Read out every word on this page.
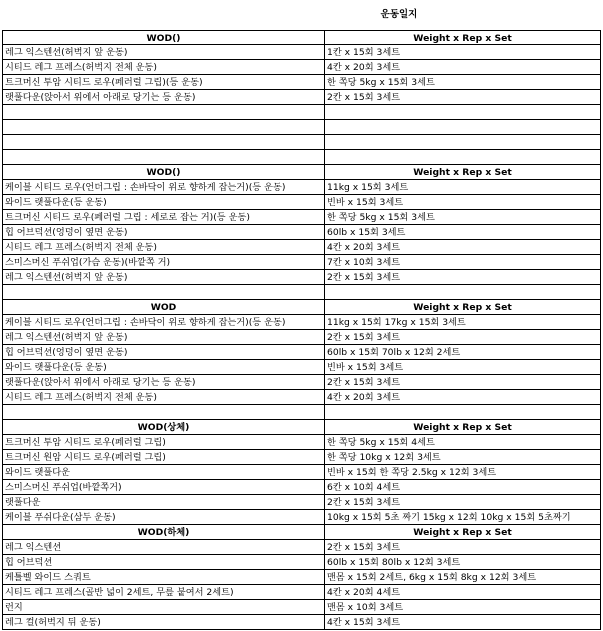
운동일지
WOD()	Weight x Rep x Set
레그 익스텐션(허벅지 앞 운동)	1칸 x 15회 3세트
시티드 레그 프레스(허벅지 전체 운동)	4칸 x 20회 3세트
트크머신 투암 시티드 로우(페러럴 그립)(등 운동)	한 쪽당 5kg x 15회 3세트
랫풀다운(앉아서 위에서 아래로 당기는 등 운동)	2칸 x 15회 3세트
WOD()	Weight x Rep x Set
케이블 시티드 로우(언더그립 : 손바닥이 위로 향하게 잡는거)(등 운동)	11kg x 15회 3세트
와이드 랫풀다운(등 운동)	빈바 x 15회 3세트
트크머신 시티드 로우(페러럴 그립 : 세로로 잡는 거)(등 운동)	한 쪽당 5kg x 15회 3세트
힙 어브덕션(엉덩이 옆면 운동)	60lb x 15회 3세트
시티드 레그 프레스(허벅지 전체 운동)	4칸 x 20회 3세트
스미스머신 푸쉬업(가슴 운동)(바깥쪽 거)	7칸 x 10회 3세트
레그 익스텐션(허벅지 앞 운동)	2칸 x 15회 3세트
WOD	Weight x Rep x Set
케이블 시티드 로우(언더그립 : 손바닥이 위로 향하게 잡는거)(등 운동)	11kg x 15회 17kg x 15회 3세트
레그 익스텐션(허벅지 앞 운동)	2칸 x 15회 3세트
힙 어브덕션(엉덩이 옆면 운동)	60lb x 15회 70lb x 12회 2세트
와이드 랫풀다운(등 운동)	빈바 x 15회 3세트
랫풀다운(앉아서 위에서 아래로 당기는 등 운동)	2칸 x 15회 3세트
시티드 레그 프레스(허벅지 전체 운동)	4칸 x 20회 3세트
WOD(상체)	Weight x Rep x Set
트크머신 투암 시티드 로우(페러럴 그립)	한 쪽당 5kg x 15회 4세트
트크머신 원암 시티드 로우(페러럴 그립)	한 쪽당 10kg x 12회 3세트
와이드 랫풀다운	빈바 x 15회 한 쪽당 2.5kg x 12회 3세트
스미스머신 푸쉬업(바깥쪽거)	6칸 x 10회 4세트
랫풀다운	2칸 x 15회 3세트
케이블 푸쉬다운(삼두 운동)	10kg x 15회 5초 짜기 15kg x 12회 10kg x 15회 5초짜기
WOD(하체)	Weight x Rep x Set
레그 익스텐션	2칸 x 15회 3세트
힙 어브덕션	60lb x 15회 80lb x 12회 3세트
케틀벨 와이드 스쿼트	맨몸 x 15회 2세트, 6kg x 15회 8kg x 12회 3세트
시티드 레그 프레스(골반 넓이 2세트, 무릎 붙여서 2세트)	4칸 x 20회 4세트
런지	맨몸 x 10회 3세트
레그 컬(허벅지 뒤 운동)	4칸 x 15회 3세트
